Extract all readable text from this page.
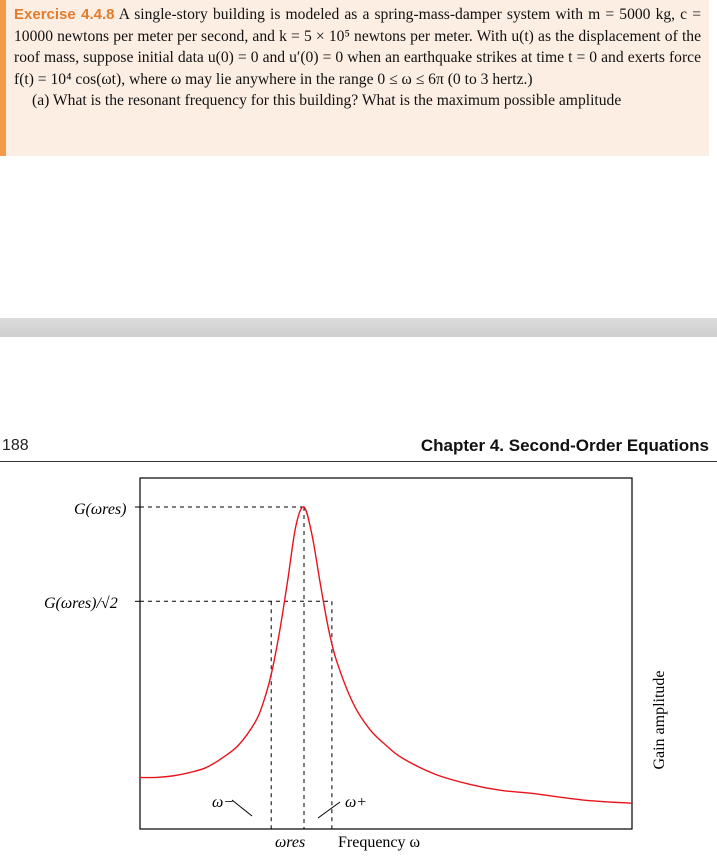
Exercise 4.4.8 A single-story building is modeled as a spring-mass-damper system with m = 5000 kg, c = 10000 newtons per meter per second, and k = 5 × 10⁵ newtons per meter. With u(t) as the displacement of the roof mass, suppose initial data u(0) = 0 and u′(0) = 0 when an earthquake strikes at time t = 0 and exerts force f(t) = 10⁴ cos(ωt), where ω may lie anywhere in the range 0 ≤ ω ≤ 6π (0 to 3 hertz.)

(a) What is the resonant frequency for this building? What is the maximum possible amplitude

188	Chapter 4. Second-Order Equations
G(ωres)
G(ωres)/√2
ω−
ωres
ω+
Frequency ω
Gain amplitude
